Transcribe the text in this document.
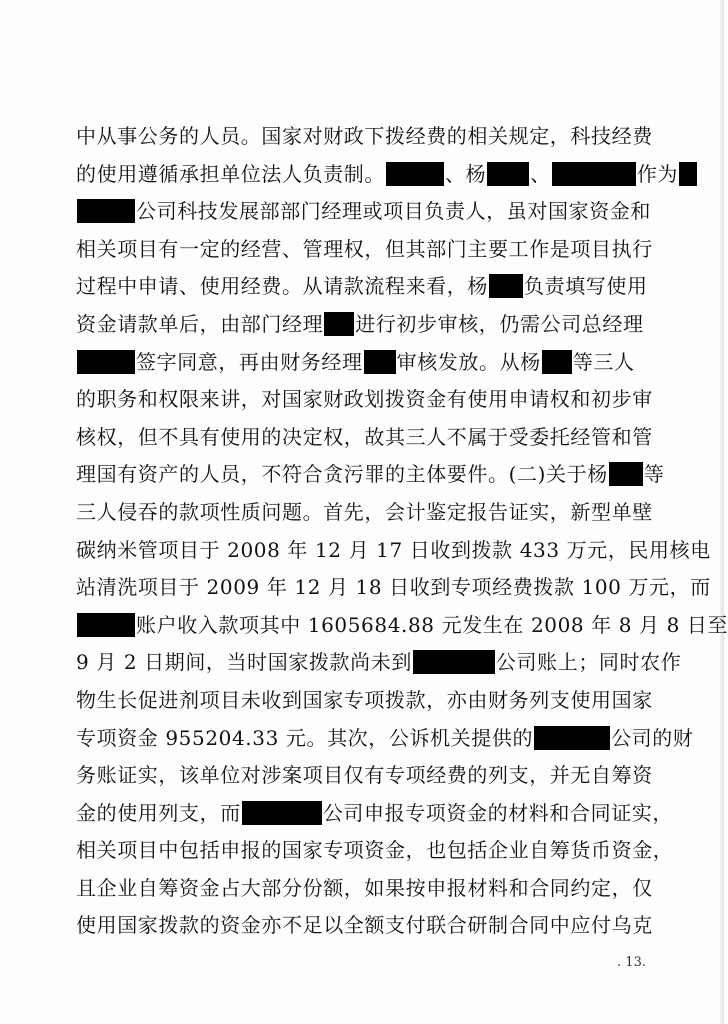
中从事公务的人员。国家对财政下拨经费的相关规定，科技经费
的使用遵循承担单位法人负责制。	、杨 、	作为
公司科技发展部部门经理或项目负责人，虽对国家资金和
相关项目有一定的经营、管理权，但其部门主要工作是项目执行
过程中申请、使用经费。从请款流程来看，杨 负责填写使用
资金请款单后，由部门经理 进行初步审核，仍需公司总经理
签字同意，再由财务经理 审核发放。从杨 等三人
的职务和权限来讲，对国家财政划拨资金有使用申请权和初步审
核权，但不具有使用的决定权，故其三人不属于受委托经管和管
理国有资产的人员，不符合贪污罪的主体要件。(二)关于杨 等
三人侵吞的款项性质问题。首先，会计鉴定报告证实，新型单壁
碳纳米管项目于 2008 年 12 月 17 日收到拨款 433 万元，民用核电
站清洗项目于 2009 年 12 月 18 日收到专项经费拨款 100 万元，而
账户收入款项其中 1605684.88 元发生在 2008 年 8 月 8 日至
9 月 2 日期间，当时国家拨款尚未到	公司账上；同时农作
物生长促进剂项目未收到国家专项拨款，亦由财务列支使用国家
专项资金 955204.33 元。其次，公诉机关提供的	公司的财
务账证实，该单位对涉案项目仅有专项经费的列支，并无自筹资
金的使用列支，而	公司申报专项资金的材料和合同证实，
相关项目中包括申报的国家专项资金，也包括企业自筹货币资金，
且企业自筹资金占大部分份额，如果按申报材料和合同约定，仅
使用国家拨款的资金亦不足以全额支付联合研制合同中应付乌克
. 13.
